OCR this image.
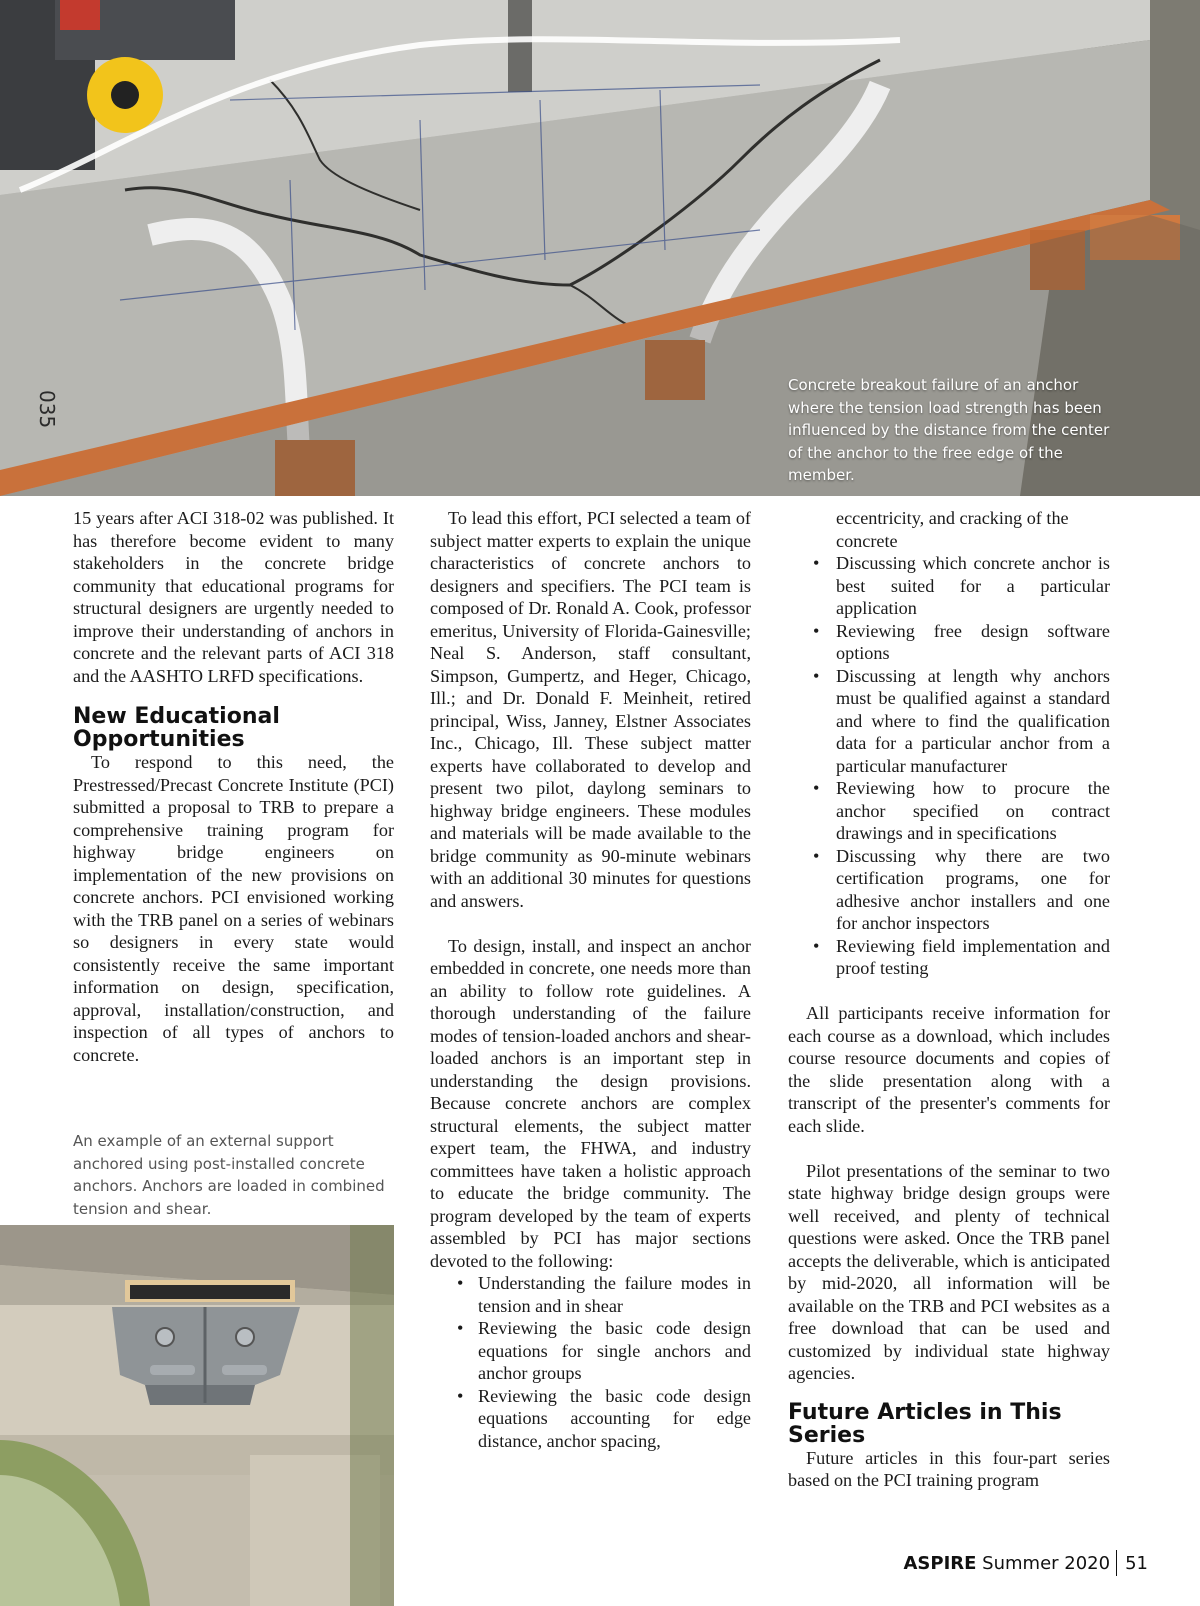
035
Concrete breakout failure of an anchor where the tension load strength has been influenced by the distance from the center of the anchor to the free edge of the member.

15 years after ACI 318-02 was published. It has therefore become evident to many stakeholders in the concrete bridge community that educational programs for structural designers are urgently needed to improve their understanding of anchors in concrete and the relevant parts of ACI 318 and the AASHTO LRFD specifications.

New Educational Opportunities

To respond to this need, the Prestressed/Precast Concrete Institute (PCI) submitted a proposal to TRB to prepare a comprehensive training program for highway bridge engineers on implementation of the new provisions on concrete anchors. PCI envisioned working with the TRB panel on a series of webinars so designers in every state would consistently receive the same important information on design, specification, approval, installation/construction, and inspection of all types of anchors to concrete.

An example of an external support anchored using post-installed concrete anchors. Anchors are loaded in combined tension and shear.

To lead this effort, PCI selected a team of subject matter experts to explain the unique characteristics of concrete anchors to designers and specifiers. The PCI team is composed of Dr. Ronald A. Cook, professor emeritus, University of Florida-Gainesville; Neal S. Anderson, staff consultant, Simpson, Gumpertz, and Heger, Chicago, Ill.; and Dr. Donald F. Meinheit, retired principal, Wiss, Janney, Elstner Associates Inc., Chicago, Ill. These subject matter experts have collaborated to develop and present two pilot, daylong seminars to highway bridge engineers. These modules and materials will be made available to the bridge community as 90-minute webinars with an additional 30 minutes for questions and answers.

To design, install, and inspect an anchor embedded in concrete, one needs more than an ability to follow rote guidelines. A thorough understanding of the failure modes of tension-loaded anchors and shear-loaded anchors is an important step in understanding the design provisions. Because concrete anchors are complex structural elements, the subject matter expert team, the FHWA, and industry committees have taken a holistic approach to educate the bridge community. The program developed by the team of experts assembled by PCI has major sections devoted to the following:

• Understanding the failure modes in tension and in shear
• Reviewing the basic code design equations for single anchors and anchor groups
• Reviewing the basic code design equations accounting for edge distance, anchor spacing,

eccentricity, and cracking of the concrete

• Discussing which concrete anchor is best suited for a particular application
• Reviewing free design software options
• Discussing at length why anchors must be qualified against a standard and where to find the qualification data for a particular anchor from a particular manufacturer
• Reviewing how to procure the anchor specified on contract drawings and in specifications
• Discussing why there are two certification programs, one for adhesive anchor installers and one for anchor inspectors
• Reviewing field implementation and proof testing

All participants receive information for each course as a download, which includes course resource documents and copies of the slide presentation along with a transcript of the presenter's comments for each slide.

Pilot presentations of the seminar to two state highway bridge design groups were well received, and plenty of technical questions were asked. Once the TRB panel accepts the deliverable, which is anticipated by mid-2020, all information will be available on the TRB and PCI websites as a free download that can be used and customized by individual state highway agencies.

Future Articles in This Series

Future articles in this four-part series based on the PCI training program

ASPIRE Summer 2020 51
